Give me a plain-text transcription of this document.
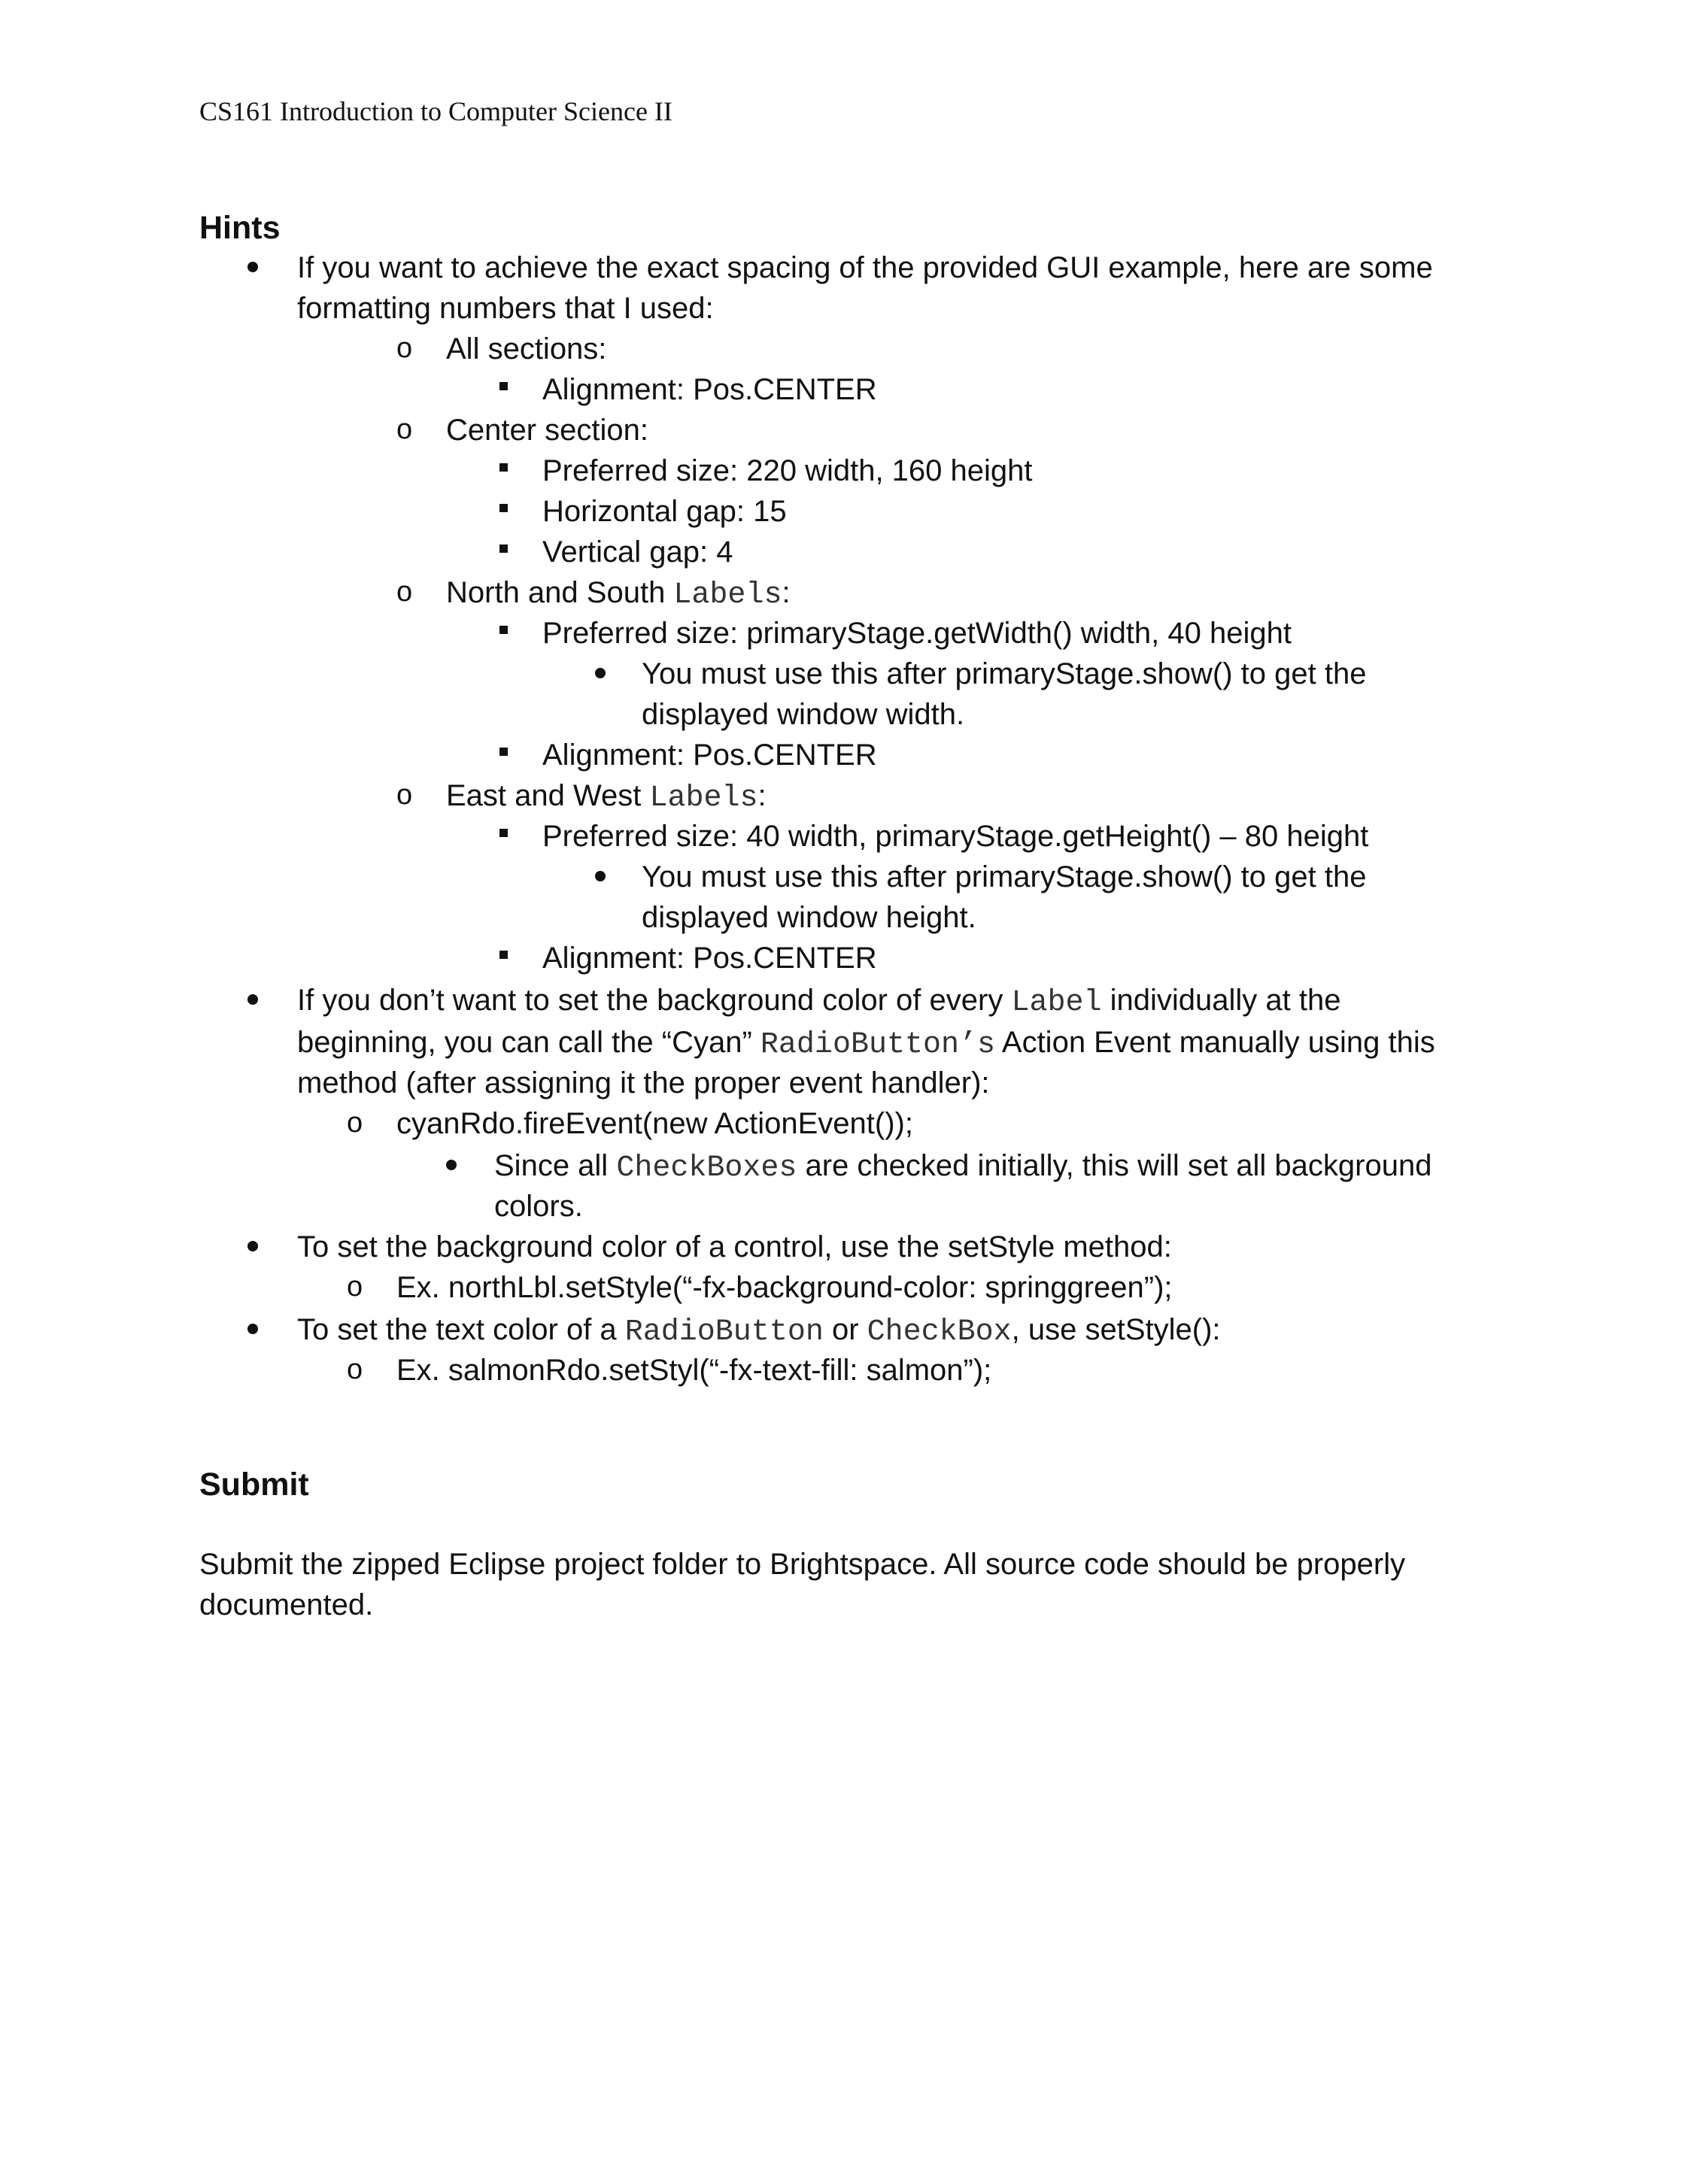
CS161 Introduction to Computer Science II
Hints
If you want to achieve the exact spacing of the provided GUI example, here are some
formatting numbers that I used:
o All sections:
Alignment: Pos.CENTER
o Center section:
Preferred size: 220 width, 160 height
Horizontal gap: 15
Vertical gap: 4
o North and South Labels:
Preferred size: primaryStage.getWidth() width, 40 height
You must use this after primaryStage.show() to get the
displayed window width.
Alignment: Pos.CENTER
o East and West Labels:
Preferred size: 40 width, primaryStage.getHeight() – 80 height
You must use this after primaryStage.show() to get the
displayed window height.
Alignment: Pos.CENTER
If you don’t want to set the background color of every Label individually at the
beginning, you can call the “Cyan” RadioButton’s Action Event manually using this
method (after assigning it the proper event handler):
o cyanRdo.fireEvent(new ActionEvent());
Since all CheckBoxes are checked initially, this will set all background
colors.
To set the background color of a control, use the setStyle method:
o Ex. northLbl.setStyle(“-fx-background-color: springgreen”);
To set the text color of a RadioButton or CheckBox, use setStyle():
o Ex. salmonRdo.setStyl(“-fx-text-fill: salmon”);
Submit
Submit the zipped Eclipse project folder to Brightspace. All source code should be properly
documented.
